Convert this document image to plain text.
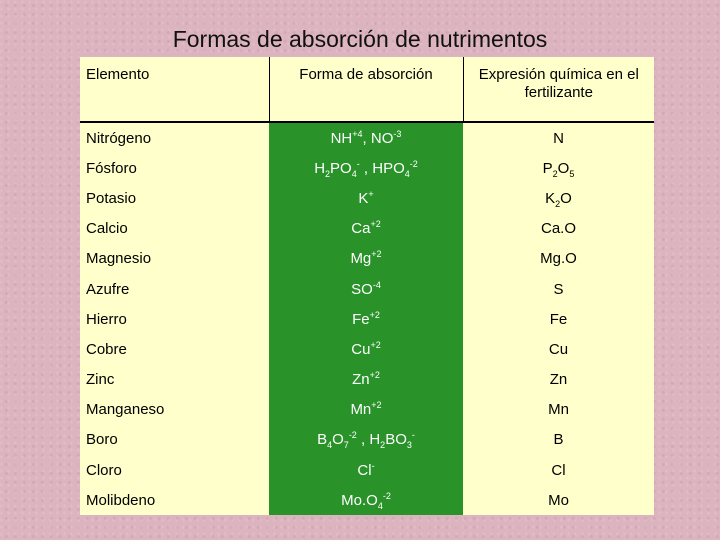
Formas de absorción de nutrimentos
Elemento	Forma de absorción	Expresión química en el fertilizante
Nitrógeno	$NH^{+4}$, $NO^{-3}$	N
Fósforo	$H_2PO_4^-$ , $HPO_4^{-2}$	$P_2O_5$
Potasio	K+	$K_2O$
Calcio	$Ca^{+2}$	Ca.O
Magnesio	$Mg^{+2}$	Mg.O
Azufre	$SO^{-4}$	S
Hierro	$Fe^{+2}$	Fe
Cobre	$Cu^{+2}$	Cu
Zinc	$Zn^{+2}$	Zn
Manganeso	$Mn^{+2}$	Mn
Boro	$B_4O_7^{-2}$ , $H_2BO_3^-$	B
Cloro	Cl-	Cl
Molibdeno	$Mo.O_4^{-2}$	Mo
